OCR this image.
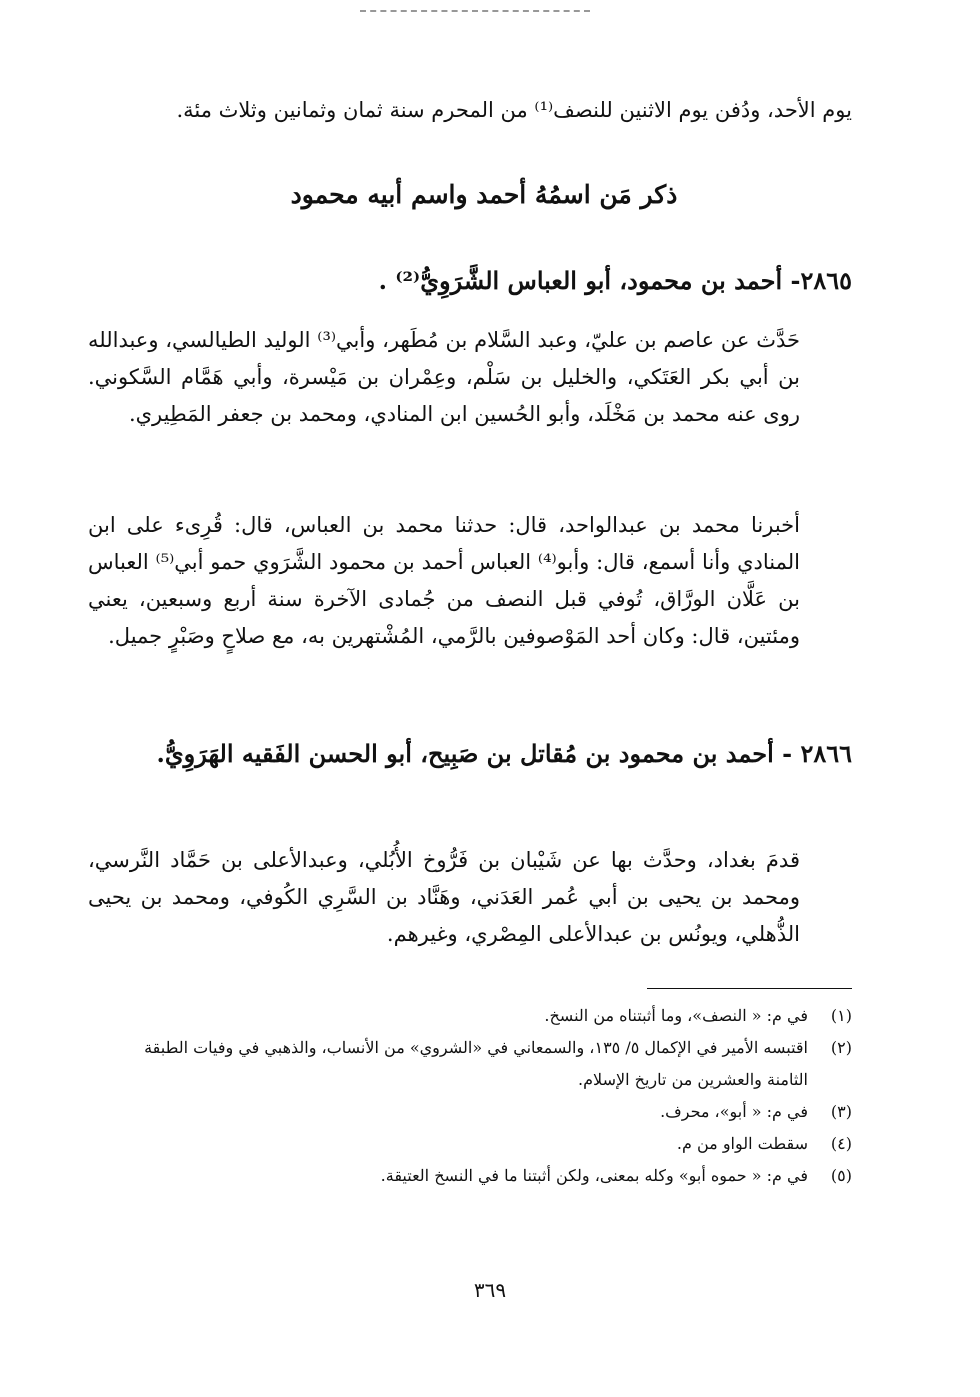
يوم الأحد، ودُفن يوم الاثنين للنصف⁽¹⁾ من المحرم سنة ثمان وثمانين وثلاث مئة.
ذكر مَن اسمُهُ أحمد واسم أبيه محمود
٢٨٦٥- أحمد بن محمود، أبو العباس الشَّرَوِيُّ⁽²⁾ .
حَدَّث عن عاصم بن عليّ، وعبد السَّلام بن مُطَهر، وأبي⁽³⁾ الوليد الطيالسي، وعبدالله بن أبي بكر العَتَكي، والخليل بن سَلْم، وعِمْران بن مَيْسرة، وأبي هَمَّام السَّكوني. روى عنه محمد بن مَخْلَد، وأبو الحُسين ابن المنادي، ومحمد بن جعفر المَطِيري.
أخبرنا محمد بن عبدالواحد، قال: حدثنا محمد بن العباس، قال: قُرِىء على ابن المنادي وأنا أسمع، قال: وأبو⁽⁴⁾ العباس أحمد بن محمود الشَّرَوي حمو أبي⁽⁵⁾ العباس بن عَلَّان الورَّاق، تُوفي قبل النصف من جُمادى الآخرة سنة أربع وسبعين، يعني ومئتين، قال: وكان أحد المَوْصوفين بالرَّمي، المُشْتهرين به، مع صلاحٍ وصَبْرٍ جميل.
٢٨٦٦ - أحمد بن محمود بن مُقاتل بن صَبِيح، أبو الحسن الفَقيه الهَرَوِيُّ.
قدمَ بغداد، وحدَّث بها عن شَيْبان بن فَرُّوخ الأُبُلي، وعبدالأعلى بن حَمَّاد النَّرسي، ومحمد بن يحيى بن أبي عُمر العَدَني، وهَنَّاد بن السَّرِي الكُوفي، ومحمد بن يحيى الذُّهلي، ويونُس بن عبدالأعلى المِصْري، وغيرهم.
(١)
في م: « النصف»، وما أثبتناه من النسخ.
(٢)
اقتبسه الأمير في الإكمال ٥/ ١٣٥، والسمعاني في «الشروي» من الأنساب، والذهبي في وفيات الطبقة الثامنة والعشرين من تاريخ الإسلام.
(٣)
في م: « أبو»، محرف.
(٤)
سقطت الواو من م.
(٥)
في م: « حموه أبو» وكله بمعنى، ولكن أثبتنا ما في النسخ العتيقة.
٣٦٩
